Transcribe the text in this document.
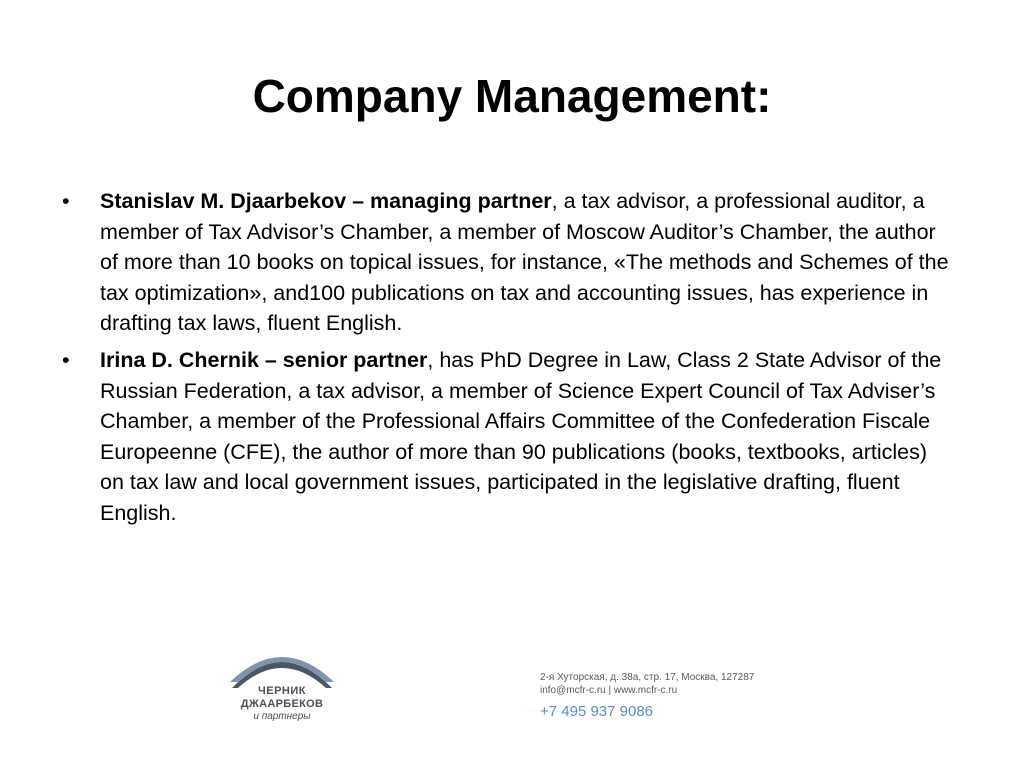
Company Management:
•	Stanislav M. Djaarbekov – managing partner, a tax advisor, a professional auditor, a member of Tax Advisor’s Chamber, a member of Moscow Auditor’s Chamber, the author of more than 10 books on topical issues, for instance, «The methods and Schemes of the tax optimization», and100 publications on tax and accounting issues, has experience in drafting tax laws, fluent English.
•	Irina D. Chernik – senior partner, has PhD Degree in Law, Class 2 State Advisor of the Russian Federation, a tax advisor, a member of Science Expert Council of Tax Adviser’s Chamber, a member of the Professional Affairs Committee of the Confederation Fiscale Europeenne (CFE), the author of more than 90 publications (books, textbooks, articles) on tax law and local government issues, participated in the legislative drafting, fluent English.
ЧЕРНИК
ДЖААРБЕКОВ
и партнеры
2-я Хуторская, д. 38а, стр. 17, Москва, 127287
info@mcfr-c.ru | www.mcfr-c.ru
+7 495 937 9086
